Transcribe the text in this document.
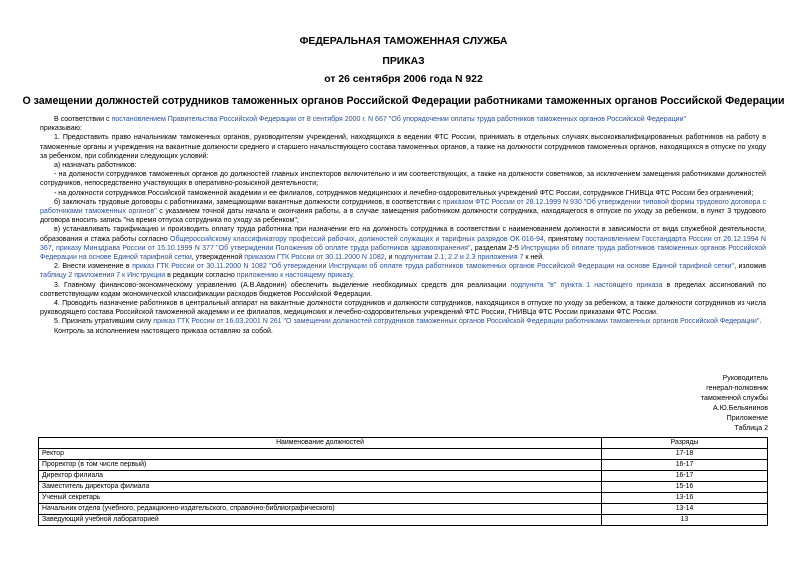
ФЕДЕРАЛЬНАЯ ТАМОЖЕННАЯ СЛУЖБА
ПРИКАЗ
от 26 сентября 2006 года N 922
О замещении должностей сотрудников таможенных органов Российской Федерации работниками таможенных органов Российской Федерации

В соответствии с постановлением Правительства Российской Федерации от 8 сентября 2000 г. N 667 "Об упорядочении оплаты труда работников таможенных органов Российской Федерации"

приказываю:

1. Предоставить право начальникам таможенных органов, руководителям учреждений, находящихся в ведении ФТС России, принимать в отдельных случаях высококвалифицированных работников на работу в таможенные органы и учреждения на вакантные должности среднего и старшего начальствующего состава таможенных органов, а также на должности сотрудников таможенных органов, находящихся в отпуске по уходу за ребенком, при соблюдении следующих условий:

а) назначать работников:

- на должности сотрудников таможенных органов до должностей главных инспекторов включительно и им соответствующих, а также на должности советников, за исключением замещения работниками должностей сотрудников, непосредственно участвующих в оперативно-розыскной деятельности;

- на должности сотрудников Российской таможенной академии и ее филиалов, сотрудников медицинских и лечебно-оздоровительных учреждений ФТС России, сотрудников ГНИВЦа ФТС России без ограничений;

б) заключать трудовые договоры с работниками, замещающими вакантные должности сотрудников, в соответствии с приказом ФТС России от 28.12.1999 N 930 "Об утверждении типовой формы трудового договора с работниками таможенных органов" с указанием точной даты начала и окончания работы, а в случае замещения работником должности сотрудника, находящегося в отпуске по уходу за ребенком, в пункт 3 трудового договора вносить запись "на время отпуска сотрудника по уходу за ребенком";

в) устанавливать тарификацию и производить оплату труда работника при назначении его на должность сотрудника в соответствии с наименованием должности в зависимости от вида служебной деятельности, образования и стажа работы согласно Общероссийскому классификатору профессий рабочих, должностей служащих и тарифных разрядов ОК 016-94, принятому постановлением Госстандарта России от 26.12.1994 N 367, приказу Минздрава России от 15.10.1999 N 377 "Об утверждении Положения об оплате труда работников здравоохранения", разделам 2-5 Инструкции об оплате труда работников таможенных органов Российской Федерации на основе Единой тарифной сетки, утвержденной приказом ГТК России от 30.11.2000 N 1082, и подпунктам 2.1, 2.2 и 2.3 приложения 7 к ней.

2. Внести изменение в приказ ГТК России от 30.11.2000 N 1082 "Об утверждении Инструкции об оплате труда работников таможенных органов Российской Федерации на основе Единой тарифной сетки", изложив таблицу 2 приложения 7 к Инструкции в редакции согласно приложению к настоящему приказу.

3. Главному финансово-экономическому управлению (А.В.Авдонин) обеспечить выделение необходимых средств для реализации подпункта "в" пункта 1 настоящего приказа в пределах ассигнований по соответствующим кодам экономической классификации расходов бюджетов Российской Федерации.

4. Проводить назначение работников в центральный аппарат на вакантные должности сотрудников и должности сотрудников, находящихся в отпуске по уходу за ребенком, а также должности сотрудников из числа руководящего состава Российской таможенной академии и ее филиалов, медицинских и лечебно-оздоровительных учреждений ФТС России, ГНИВЦа ФТС России приказами ФТС России.

5. Признать утратившим силу приказ ГТК России от 16.03.2001 N 261 "О замещении должностей сотрудников таможенных органов Российской Федерации работниками таможенных органов Российской Федерации".

Контроль за исполнением настоящего приказа оставляю за собой.

Руководитель
генерал-полковник
таможенной службы
А.Ю.Бельянинов
Приложение
Таблица 2
Наименование должностей	Разряды
Ректор	17-18
Проректор (в том числе первый)	16-17
Директор филиала	16-17
Заместитель директора филиала	15-16
Ученый секретарь	13-16
Начальник отдела (учебного, редакционно-издательского, справочно-библиографического)	13-14
Заведующий учебной лабораторией	13
